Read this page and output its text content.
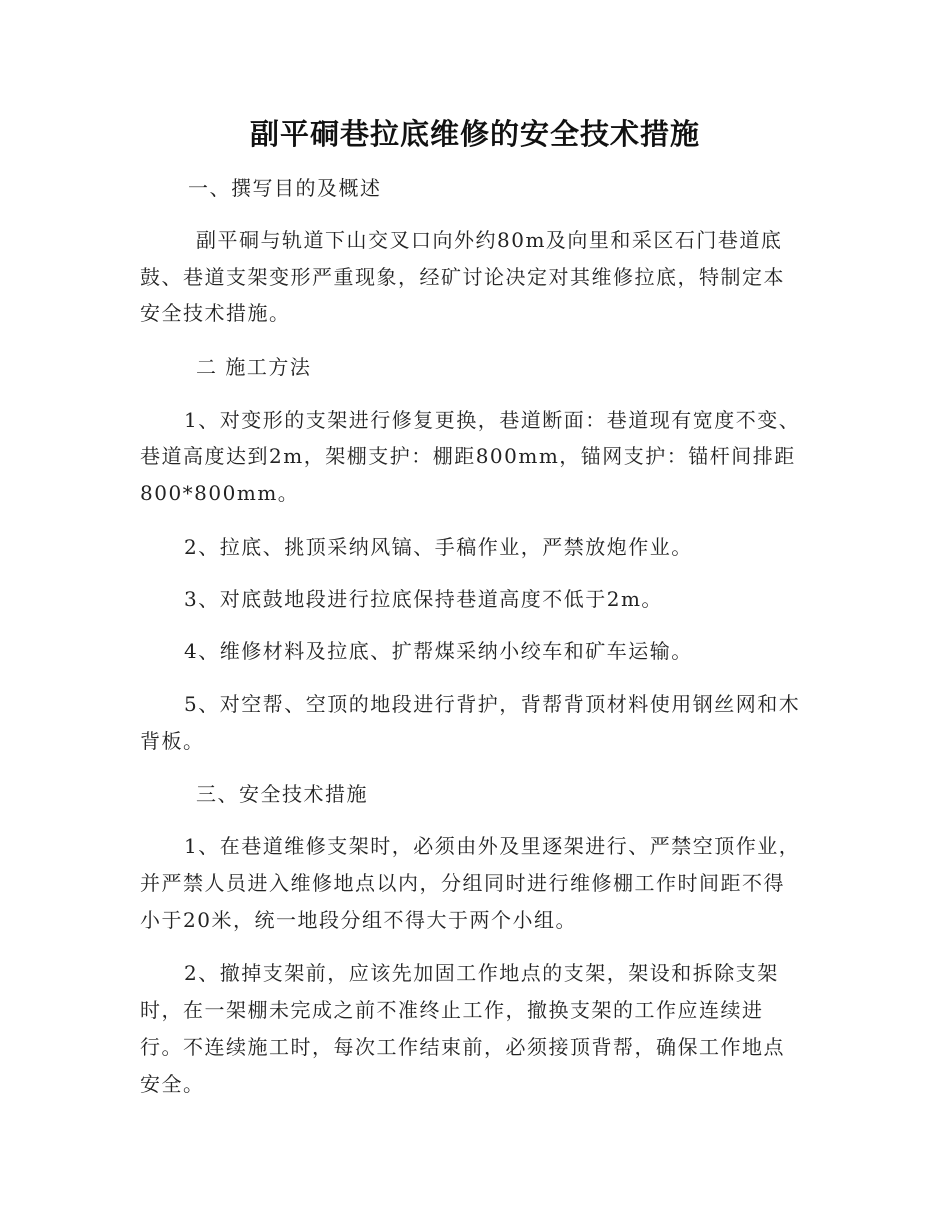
副平硐巷拉底维修的安全技术措施
一、撰写目的及概述
副平硐与轨道下山交叉口向外约80m及向里和采区石门巷道底
鼓、巷道支架变形严重现象，经矿讨论决定对其维修拉底，特制定本
安全技术措施。
二 施工方法
1、对变形的支架进行修复更换，巷道断面：巷道现有宽度不变、
巷道高度达到2m，架棚支护：棚距800mm，锚网支护：锚杆间排距
800*800mm。
2、拉底、挑顶采纳风镐、手稿作业，严禁放炮作业。
3、对底鼓地段进行拉底保持巷道高度不低于2m。
4、维修材料及拉底、扩帮煤采纳小绞车和矿车运输。
5、对空帮、空顶的地段进行背护，背帮背顶材料使用钢丝网和木
背板。
三、安全技术措施
1、在巷道维修支架时，必须由外及里逐架进行、严禁空顶作业，
并严禁人员进入维修地点以内，分组同时进行维修棚工作时间距不得
小于20米，统一地段分组不得大于两个小组。
2、撤掉支架前，应该先加固工作地点的支架，架设和拆除支架
时，在一架棚未完成之前不准终止工作，撤换支架的工作应连续进
行。不连续施工时，每次工作结束前，必须接顶背帮，确保工作地点
安全。
